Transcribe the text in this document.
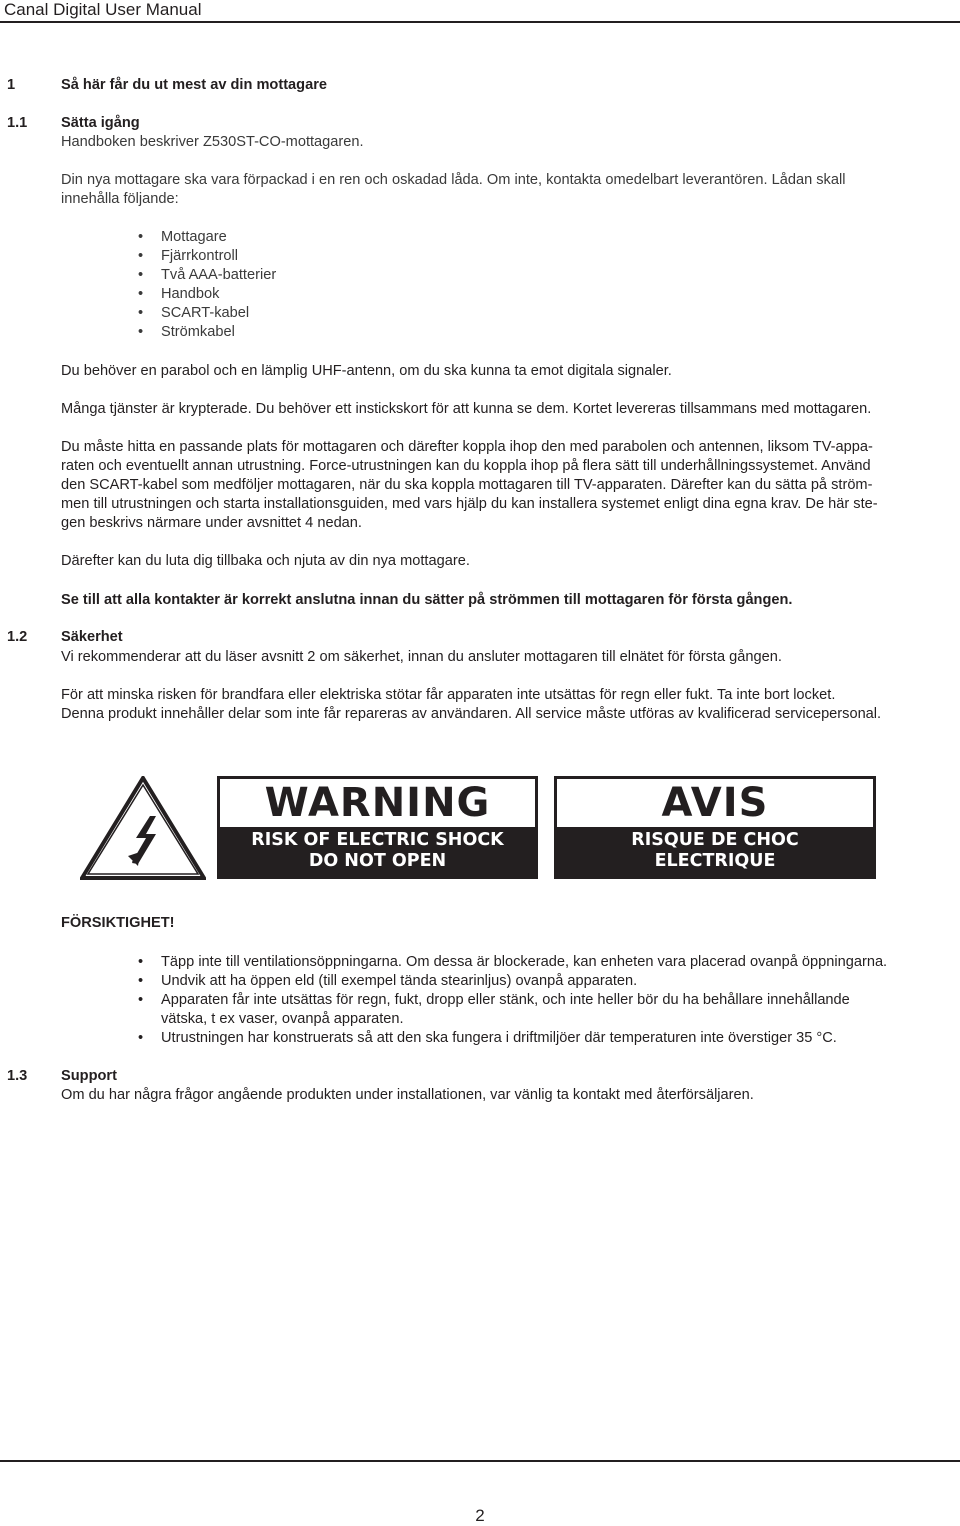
Canal Digital User Manual
1	Så här får du ut mest av din mottagare
1.1 Sätta igång
Handboken beskriver Z530ST-CO-mottagaren.
Din nya mottagare ska vara förpackad i en ren och oskadad låda. Om inte, kontakta omedelbart leverantören. Lådan skall
innehålla följande:
• Mottagare
• Fjärrkontroll
• Två AAA-batterier
• Handbok
• SCART-kabel
• Strömkabel
Du behöver en parabol och en lämplig UHF-antenn, om du ska kunna ta emot digitala signaler.
Många tjänster är krypterade. Du behöver ett instickskort för att kunna se dem. Kortet levereras tillsammans med mottagaren.
Du måste hitta en passande plats för mottagaren och därefter koppla ihop den med parabolen och antennen, liksom TV-appa-
raten och eventuellt annan utrustning. Force-utrustningen kan du koppla ihop på flera sätt till underhållningssystemet. Använd
den SCART-kabel som medföljer mottagaren, när du ska koppla mottagaren till TV-apparaten. Därefter kan du sätta på ström-
men till utrustningen och starta installationsguiden, med vars hjälp du kan installera systemet enligt dina egna krav. De här ste-
gen beskrivs närmare under avsnittet 4 nedan.
Därefter kan du luta dig tillbaka och njuta av din nya mottagare.
Se till att alla kontakter är korrekt anslutna innan du sätter på strömmen till mottagaren för första gången.
1.2 Säkerhet
Vi rekommenderar att du läser avsnitt 2 om säkerhet, innan du ansluter mottagaren till elnätet för första gången.
För att minska risken för brandfara eller elektriska stötar får apparaten inte utsättas för regn eller fukt. Ta inte bort locket.
Denna produkt innehåller delar som inte får repareras av användaren. All service måste utföras av kvalificerad servicepersonal.
WARNING
RISK OF ELECTRIC SHOCK
DO NOT OPEN
AVIS
RISQUE DE CHOC
ELECTRIQUE
FÖRSIKTIGHET!
• Täpp inte till ventilationsöppningarna. Om dessa är blockerade, kan enheten vara placerad ovanpå öppningarna.
• Undvik att ha öppen eld (till exempel tända stearinljus) ovanpå apparaten.
• Apparaten får inte utsättas för regn, fukt, dropp eller stänk, och inte heller bör du ha behållare innehållande
vätska, t ex vaser, ovanpå apparaten.
• Utrustningen har konstruerats så att den ska fungera i driftmiljöer där temperaturen inte överstiger 35 °C.
1.3 Support
Om du har några frågor angående produkten under installationen, var vänlig ta kontakt med återförsäljaren.
2
